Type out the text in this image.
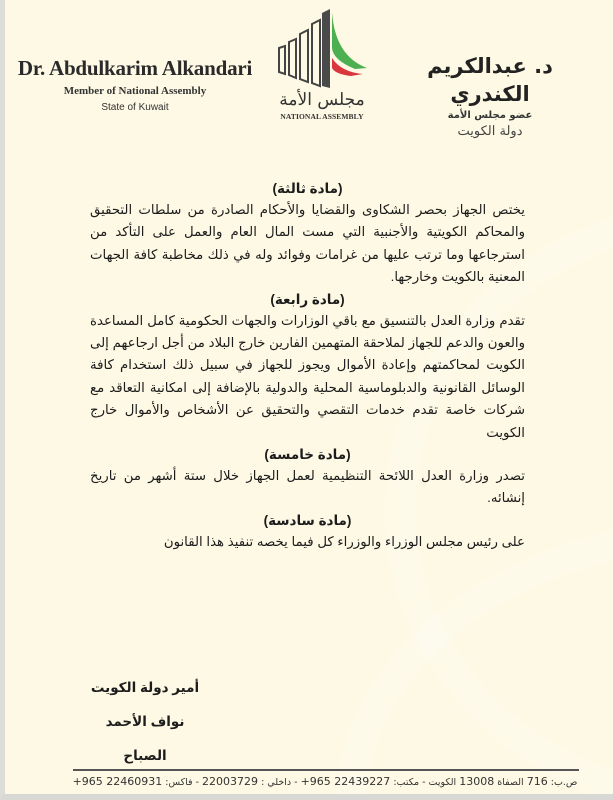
Dr. Abdulkarim Alkandari
Member of National Assembly
State of Kuwait	مجلس الأمة
NATIONAL ASSEMBLY
د. عبدالكريم الكندري
عضو مجلس الأمة
دولة الكويت
(مادة ثالثة)
يختص الجهاز بحصر الشكاوى والقضايا والأحكام الصادرة من سلطات التحقيق والمحاكم الكويتية والأجنبية التي مست المال العام والعمل على التأكد من استرجاعها وما ترتب عليها من غرامات وفوائد وله في ذلك مخاطبة كافة الجهات المعنية بالكويت وخارجها.
(مادة رابعة)
تقدم وزارة العدل بالتنسيق مع باقي الوزارات والجهات الحكومية كامل المساعدة والعون والدعم للجهاز لملاحقة المتهمين الفارين خارج البلاد من أجل ارجاعهم إلى الكويت لمحاكمتهم وإعادة الأموال ويجوز للجهاز في سبيل ذلك استخدام كافة الوسائل القانونية والدبلوماسية المحلية والدولية بالإضافة إلى امكانية التعاقد مع شركات خاصة تقدم خدمات التقصي والتحقيق عن الأشخاص والأموال خارج الكويت
(مادة خامسة)
تصدر وزارة العدل اللائحة التنظيمية لعمل الجهاز خلال ستة أشهر من تاريخ إنشائه.
(مادة سادسة)
على رئيس مجلس الوزراء والوزراء كل فيما يخصه تنفيذ هذا القانون
أمير دولة الكويت
نواف الأحمد الصباح
ص.ب: 716 الصفاة 13008 الكويت - مكتب: +965 22439227 - داخلي : 22003729 - فاكس: +965 22460931
